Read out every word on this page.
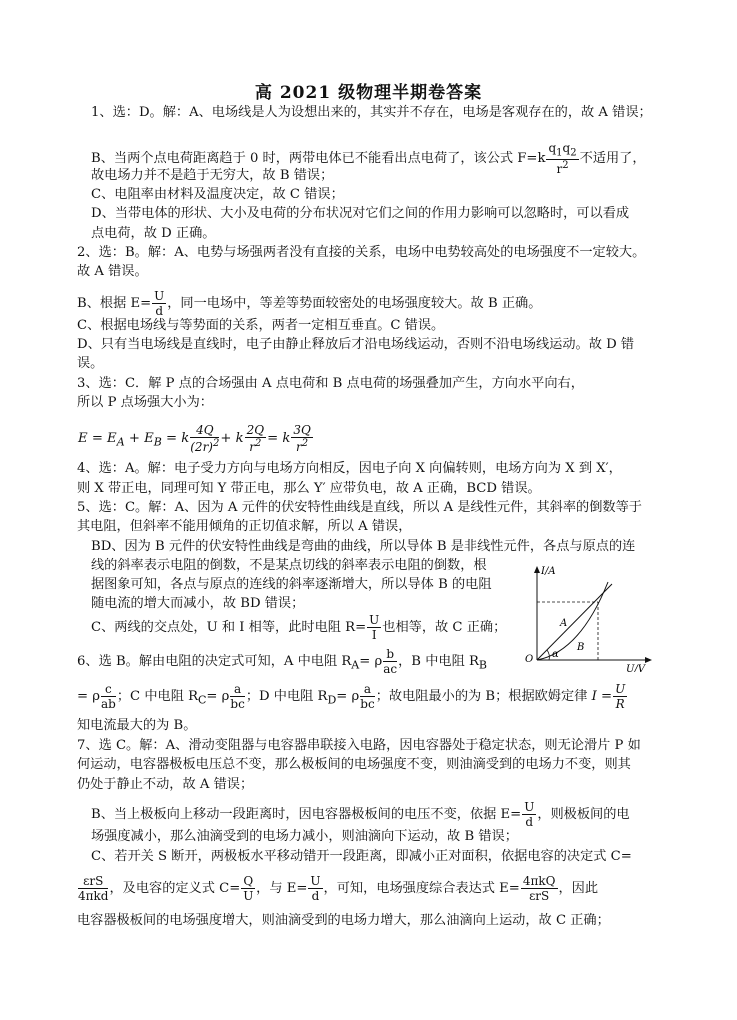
高 2021 级物理半期卷答案
1、选：D。解：A、电场线是人为设想出来的，其实并不存在，电场是客观存在的，故 A 错误；
B、当两个点电荷距离趋于 0 时，两带电体已不能看出点电荷了，该公式 $F=k \frac{q_1q_2}{r^2}$ 不适用了，
故电场力并不是趋于无穷大，故 B 错误；
C、电阻率由材料及温度决定，故 C 错误；
D、当带电体的形状、大小及电荷的分布状况对它们之间的作用力影响可以忽略时，可以看成
点电荷，故 D 正确。
2、选：B。解：A、电势与场强两者没有直接的关系，电场中电势较高处的电场强度不一定较大。
故 A 错误。
B、根据 $E= \frac{U}{d}$ ，同一电场中，等差等势面较密处的电场强度较大。故 B 正确。
C、根据电场线与等势面的关系，两者一定相互垂直。C 错误。
D、只有当电场线是直线时，电子由静止释放后才沿电场线运动，否则不沿电场线运动。故 D 错
误。
3、选：C．解 P 点的合场强由 A 点电荷和 B 点电荷的场强叠加产生，方向水平向右，
所以 P 点场强大小为：
$E = E_A + E_B = k \frac{4Q}{(2r)^2} + k \frac{2Q}{r^2} = k \frac{3Q}{r^2}$
4、选：A。解：电子受力方向与电场方向相反，因电子向 X 向偏转则，电场方向为 X 到 X′，
则 X 带正电，同理可知 Y 带正电，那么 Y′ 应带负电，故 A 正确，BCD 错误。
5、选：C。解：A、因为 A 元件的伏安特性曲线是直线，所以 A 是线性元件，其斜率的倒数等于
其电阻，但斜率不能用倾角的正切值求解，所以 A 错误，
BD、因为 B 元件的伏安特性曲线是弯曲的曲线，所以导体 B 是非线性元件，各点与原点的连
线的斜率表示电阻的倒数，不是某点切线的斜率表示电阻的倒数，根
据图象可知，各点与原点的连线的斜率逐渐增大，所以导体 B 的电阻
随电流的增大而减小，故 BD 错误；
C、两线的交点处，U 和 I 相等，此时电阻 $R= \frac{U}{I}$ 也相等，故 C 正确；
I/A
U/V
O α
A
B
6、选 B。解由电阻的决定式可知，A 中电阻 $R_A= \rho \frac{b}{ac}$ ，B 中电阻 $R_B$
= ρ $\frac{c}{ab}$ ；C 中电阻 $R_C= \rho \frac{a}{bc}$ ；D 中电阻 $R_D= \rho \frac{a}{bc}$ ；故电阻最小的为 B；根据欧姆定律 $I = \frac{U}{R}$
知电流最大的为 B。
7、选 C。解：A、滑动变阻器与电容器串联接入电路，因电容器处于稳定状态，则无论滑片 P 如
何运动，电容器极板电压总不变，那么极板间的电场强度不变，则油滴受到的电场力不变，则其
仍处于静止不动，故 A 错误；
B、当上极板向上移动一段距离时，因电容器极板间的电压不变，依据 $E= \frac{U}{d}$ ，则极板间的电
场强度减小，那么油滴受到的电场力减小，则油滴向下运动，故 B 错误；
C、若开关 S 断开，两极板水平移动错开一段距离，即减小正对面积，依据电容的决定式 C=
$\frac{\text{εrS}}{\text{4πkd}}$ ，及电容的定义式 $C= \frac{Q}{U}$ ，与 $E= \frac{U}{d}$ ，可知，电场强度综合表达式 $E= \frac{\text{4πkQ}}{\text{εrS}}$ ，因此
电容器极板间的电场强度增大，则油滴受到的电场力增大，那么油滴向上运动，故 C 正确；
